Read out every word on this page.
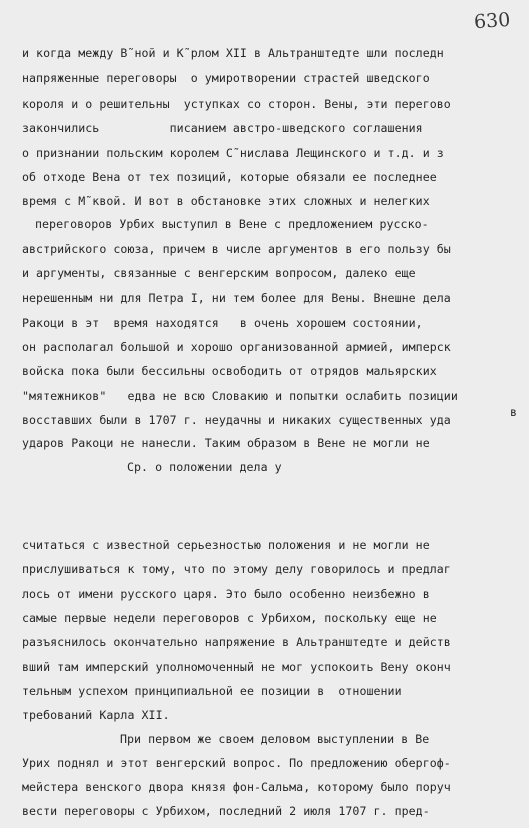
630
и когда между В˜ной и К˜рлом XII в Альтранштедте шли последн
напряженные переговоры  о умиротворении страстей шведского
короля и о решительны  уступках со сторон. Вены, эти перегово
закончились          писанием австро-шведского соглашения
о признании польским королем С˜ниславa Лещинского и т.д. и з
об отходе Вена от тех позиций, которые обязали ее последнее
время с М˜квой. И вот в обстановке этих сложных и нелегких
переговоров Урбих выступил в Вене с предложением русско-
австрийского союза, причем в числе аргументов в его пользу бы
и аргументы, связанные с венгерским вопросом, далеко еще
нерешенным ни для Петра I, ни тем более для Вены. Внешне дела
Ракоци в эт  время находятся   в очень хорошем состоянии,
он располагал большой и хорошо организованной армией, имперск
войска пока были бессильны освободить от отрядов мальярских
"мятежников"   едва не всю Словакию и попытки ослабить позиции
восставших были в 1707 г. неудачны и никаких существенных уда
ударов Ракоци не нанесли. Таким образом в Вене не могли не
Ср. о положении дела у
считаться с известной серьезностью положения и не могли не
прислушиваться к тому, что по этому делу говорилось и предлаг
лось от имени русского царя. Это было особенно неизбежно в
самые первые недели переговоров с Урбихом, поскольку еще не
разъяснилось окончательно напряжение в Альтранштедте и действ
вший там имперский уполномоченный не мог успокоить Вену оконч
тельным успехом принципиальной ее позиции в  отношении
требований Карла XII.
При первом же своем деловом выступлении в Ве
Урих поднял и этот венгерский вопрос. По предложению обергоф-
мейстера венского двора князя фон-Сальма, которому было поруч
вести переговоры с Урбихом, последний 2 июля 1707 г. пред-
в
